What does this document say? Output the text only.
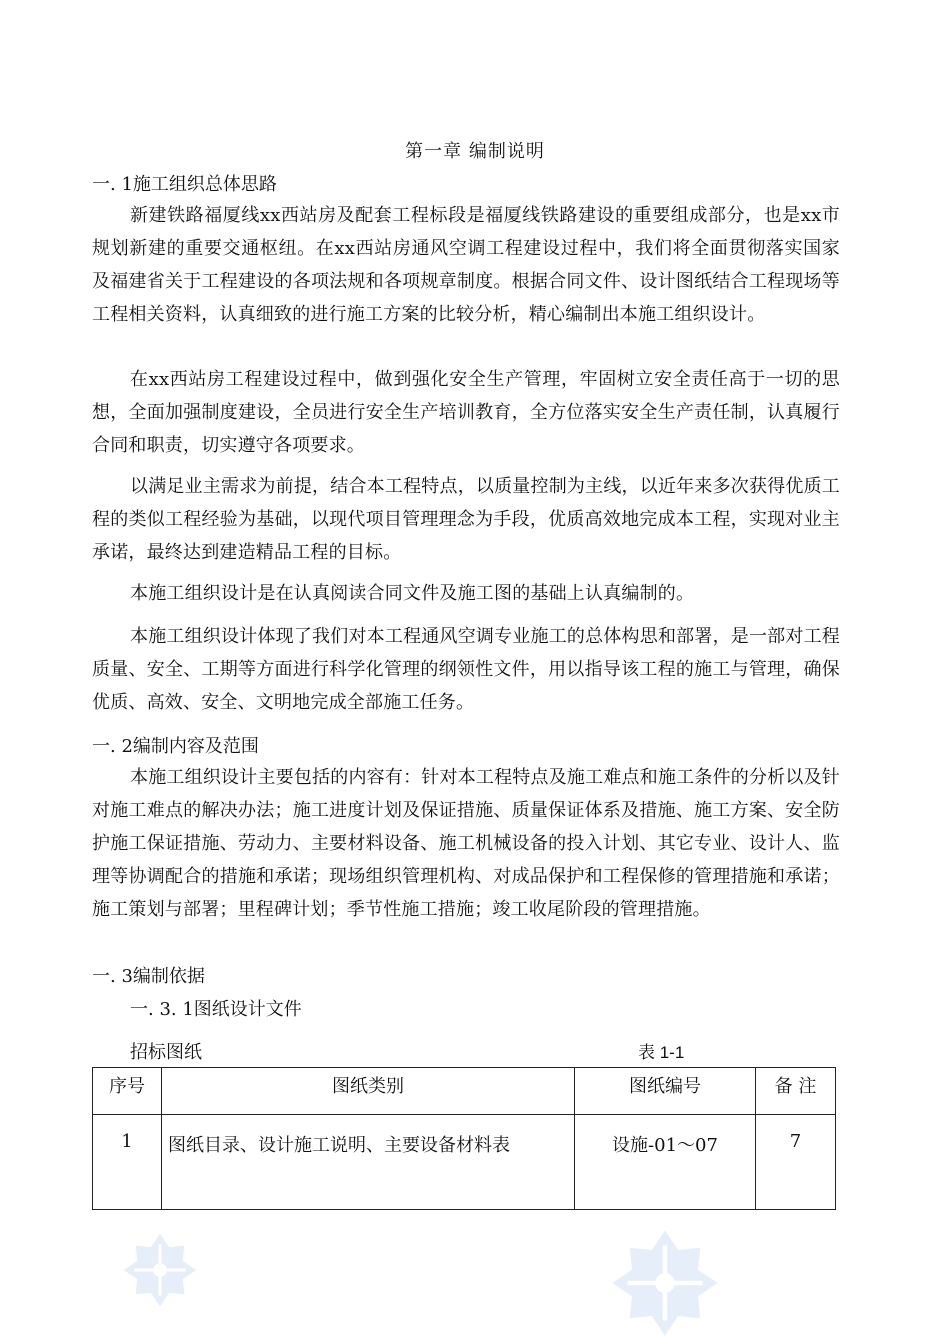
第一章 编制说明
一. 1施工组织总体思路

新建铁路福厦线xx西站房及配套工程标段是福厦线铁路建设的重要组成部分，也是xx市规划新建的重要交通枢纽。在xx西站房通风空调工程建设过程中，我们将全面贯彻落实国家及福建省关于工程建设的各项法规和各项规章制度。根据合同文件、设计图纸结合工程现场等工程相关资料，认真细致的进行施工方案的比较分析，精心编制出本施工组织设计。

在xx西站房工程建设过程中，做到强化安全生产管理，牢固树立安全责任高于一切的思想，全面加强制度建设，全员进行安全生产培训教育，全方位落实安全生产责任制，认真履行合同和职责，切实遵守各项要求。

以满足业主需求为前提，结合本工程特点，以质量控制为主线，以近年来多次获得优质工程的类似工程经验为基础，以现代项目管理理念为手段，优质高效地完成本工程，实现对业主承诺，最终达到建造精品工程的目标。

本施工组织设计是在认真阅读合同文件及施工图的基础上认真编制的。

本施工组织设计体现了我们对本工程通风空调专业施工的总体构思和部署，是一部对工程质量、安全、工期等方面进行科学化管理的纲领性文件，用以指导该工程的施工与管理，确保优质、高效、安全、文明地完成全部施工任务。

一. 2编制内容及范围

本施工组织设计主要包括的内容有：针对本工程特点及施工难点和施工条件的分析以及针对施工难点的解决办法；施工进度计划及保证措施、质量保证体系及措施、施工方案、安全防护施工保证措施、劳动力、主要材料设备、施工机械设备的投入计划、其它专业、设计人、监理等协调配合的措施和承诺；现场组织管理机构、对成品保护和工程保修的管理措施和承诺；施工策划与部署；里程碑计划；季节性施工措施；竣工收尾阶段的管理措施。

一. 3编制依据
一. 3. 1图纸设计文件
招标图纸	表 1-1
序号	图纸类别	图纸编号	备 注
1	图纸目录、设计施工说明、主要设备材料表	设施-01～07	7
